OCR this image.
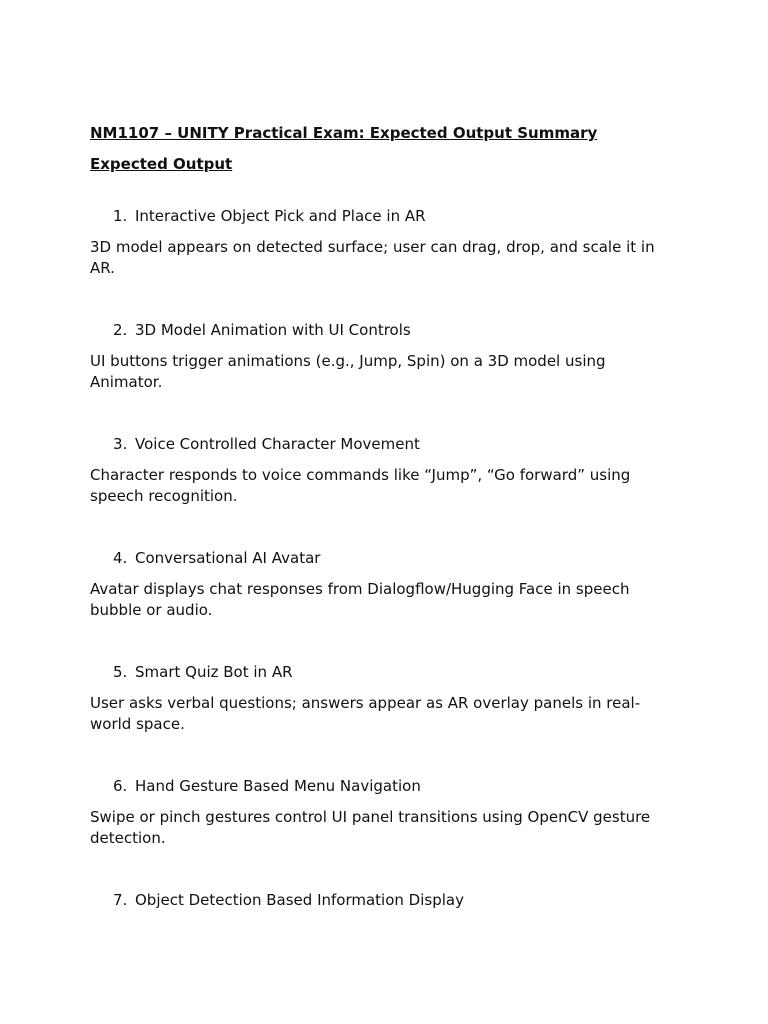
NM1107 – UNITY Practical Exam: Expected Output Summary

Expected Output

1. Interactive Object Pick and Place in AR

3D model appears on detected surface; user can drag, drop, and scale it in AR.

2. 3D Model Animation with UI Controls

UI buttons trigger animations (e.g., Jump, Spin) on a 3D model using Animator.

3. Voice Controlled Character Movement

Character responds to voice commands like “Jump”, “Go forward” using speech recognition.

4. Conversational AI Avatar

Avatar displays chat responses from Dialogflow/Hugging Face in speech bubble or audio.

5. Smart Quiz Bot in AR

User asks verbal questions; answers appear as AR overlay panels in real-world space.

6. Hand Gesture Based Menu Navigation

Swipe or pinch gestures control UI panel transitions using OpenCV gesture detection.

7. Object Detection Based Information Display
